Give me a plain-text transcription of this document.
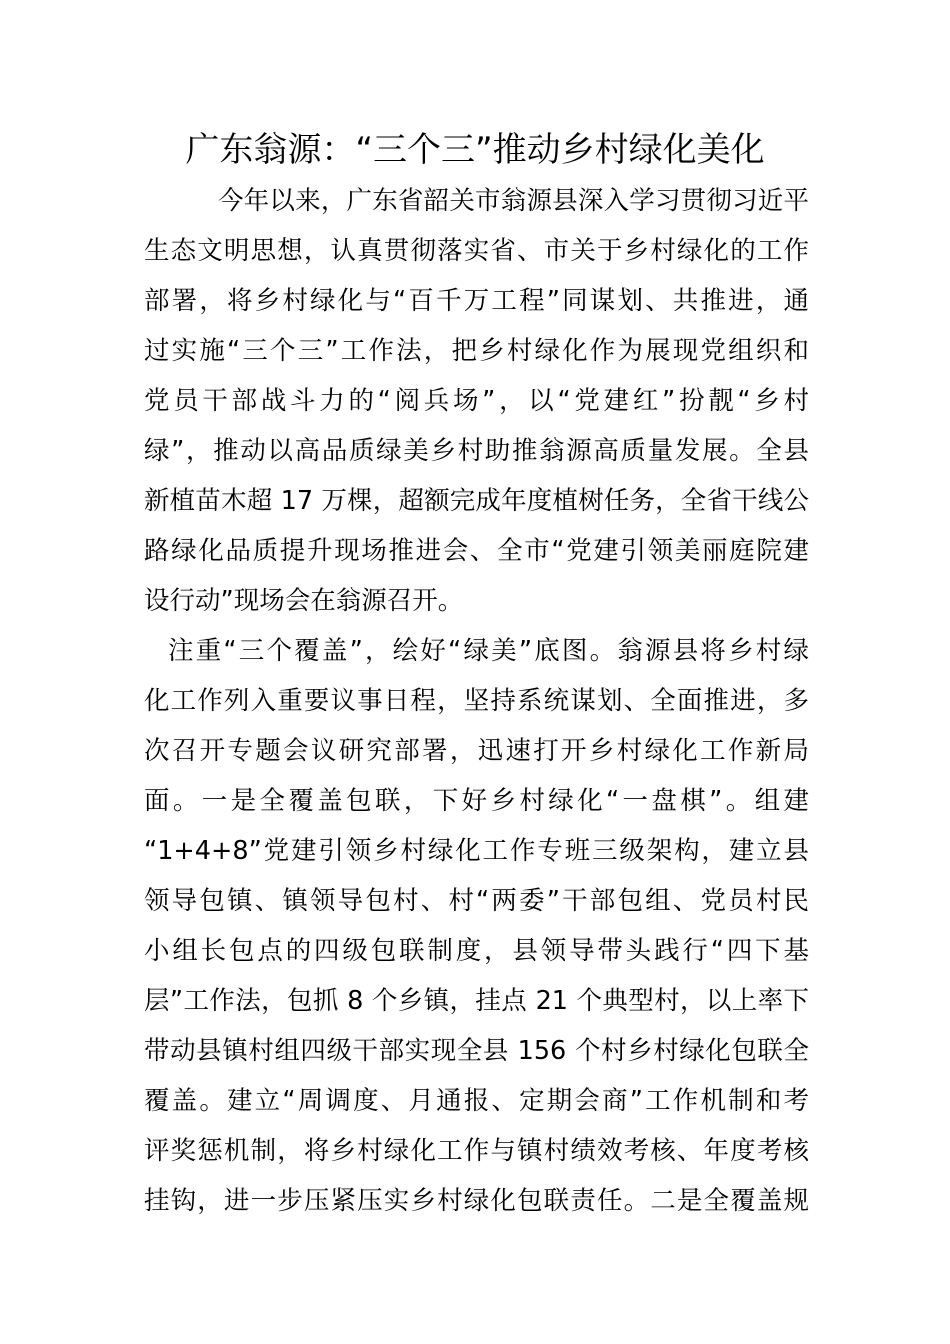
广东翁源：“三个三”推动乡村绿化美化
今年以来，广东省韶关市翁源县深入学习贯彻习近平
生态文明思想，认真贯彻落实省、市关于乡村绿化的工作
部署，将乡村绿化与“百千万工程”同谋划、共推进，通
过实施“三个三”工作法，把乡村绿化作为展现党组织和
党员干部战斗力的“阅兵场”，以“党建红”扮靓“乡村
绿”，推动以高品质绿美乡村助推翁源高质量发展。全县
新植苗木超 17 万棵，超额完成年度植树任务，全省干线公
路绿化品质提升现场推进会、全市“党建引领美丽庭院建
设行动”现场会在翁源召开。
注重“三个覆盖”，绘好“绿美”底图。翁源县将乡村绿
化工作列入重要议事日程，坚持系统谋划、全面推进，多
次召开专题会议研究部署，迅速打开乡村绿化工作新局
面。一是全覆盖包联，下好乡村绿化“一盘棋”。组建
“1+4+8”党建引领乡村绿化工作专班三级架构，建立县
领导包镇、镇领导包村、村“两委”干部包组、党员村民
小组长包点的四级包联制度，县领导带头践行“四下基
层”工作法，包抓 8 个乡镇，挂点 21 个典型村，以上率下
带动县镇村组四级干部实现全县 156 个村乡村绿化包联全
覆盖。建立“周调度、月通报、定期会商”工作机制和考
评奖惩机制，将乡村绿化工作与镇村绩效考核、年度考核
挂钩，进一步压紧压实乡村绿化包联责任。二是全覆盖规
